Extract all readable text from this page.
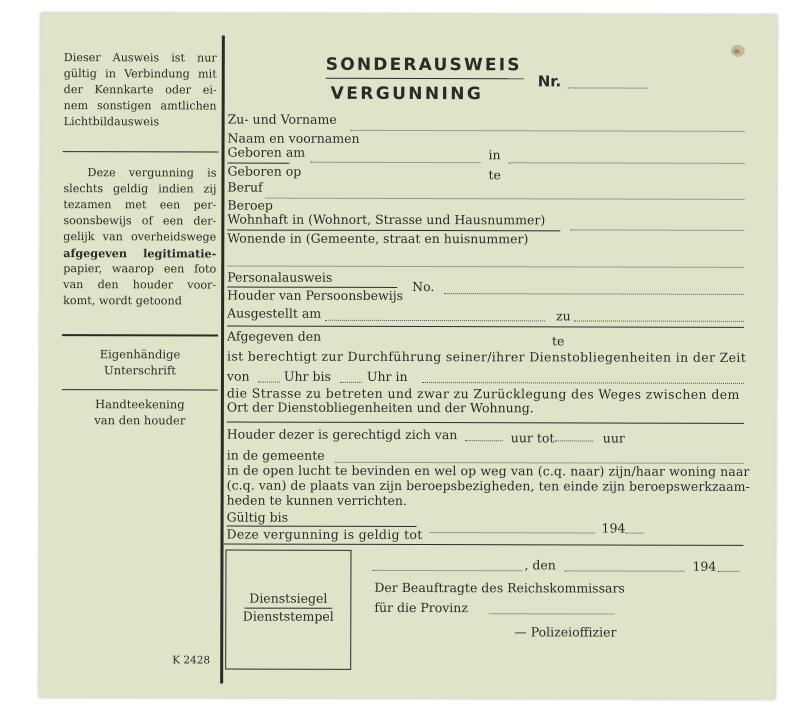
Dieser Ausweis ist nur
gültig in Verbindung mit
der Kennkarte oder ei-
nem sonstigen amtlichen
Lichtbildausweis
Deze vergunning is
slechts geldig indien zij
tezamen met een per-
soonsbewijs of een der-
gelijk van overheidswege
afgegeven legitimatie-
papier, waarop een foto
van den houder voor-
komt, wordt getoond
Eigenhändige
Unterschrift
Handteekening
van den houder
K 2428
SONDERAUSWEIS
VERGUNNING
Nr.
Zu- und Vorname
Naam en voornamen
Geboren am	in
Geboren op	te
Beruf
Beroep
Wohnhaft in (Wohnort, Strasse und Hausnummer)
Wonende in (Gemeente, straat en huisnummer)
Personalausweis
Houder van Persoonsbewijs
No.
Ausgestellt am	zu
Afgegeven den	te
ist berechtigt zur Durchführung seiner/ihrer Dienstobliegenheiten in der Zeit
von	Uhr bis	Uhr in
die Strasse zu betreten und zwar zu Zurücklegung des Weges zwischen dem
Ort der Dienstobliegenheiten und der Wohnung.
Houder dezer is gerechtigd zich van	uur tot	uur
in de gemeente
in de open lucht te bevinden en wel op weg van (c.q. naar) zijn/haar woning naar
(c.q. van) de plaats van zijn beroepsbezigheden, ten einde zijn beroepswerkzaam-
heden te kunnen verrichten.
Gültig bis
Deze vergunning is geldig tot	194
Dienstsiegel
Dienststempel
, den	194
Der Beauftragte des Reichskommissars
für die Provinz
— Polizeioffizier
